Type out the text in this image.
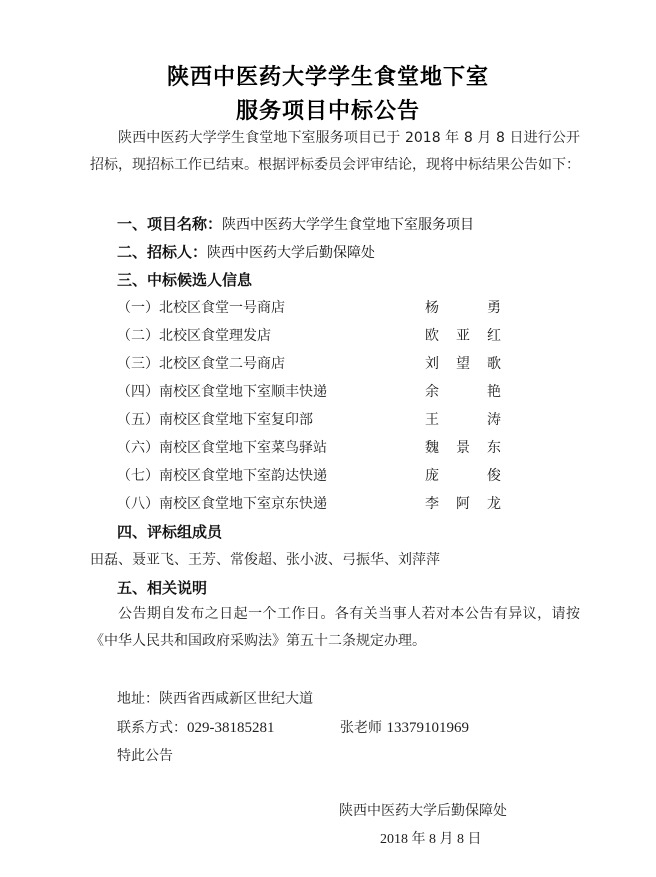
陕西中医药大学学生食堂地下室
服务项目中标公告
陕西中医药大学学生食堂地下室服务项目已于 2018 年 8 月 8 日进行公开招标，现招标工作已结束。根据评标委员会评审结论，现将中标结果公告如下：
一、项目名称：陕西中医药大学学生食堂地下室服务项目
二、招标人：陕西中医药大学后勤保障处
三、中标候选人信息
（一）北校区食堂一号商店	杨　勇
（二）北校区食堂理发店	欧亚红
（三）北校区食堂二号商店	刘望歌
（四）南校区食堂地下室顺丰快递	余　艳
（五）南校区食堂地下室复印部	王　涛
（六）南校区食堂地下室菜鸟驿站	魏景东
（七）南校区食堂地下室韵达快递	庞　俊
（八）南校区食堂地下室京东快递	李阿龙
四、评标组成员
田磊、聂亚飞、王芳、常俊超、张小波、弓振华、刘萍萍
五、相关说明
公告期自发布之日起一个工作日。各有关当事人若对本公告有异议，请按《中华人民共和国政府采购法》第五十二条规定办理。
地址：陕西省西咸新区世纪大道
联系方式：029-38185281	张老师 13379101969
特此公告
陕西中医药大学后勤保障处
2018 年 8 月 8 日
